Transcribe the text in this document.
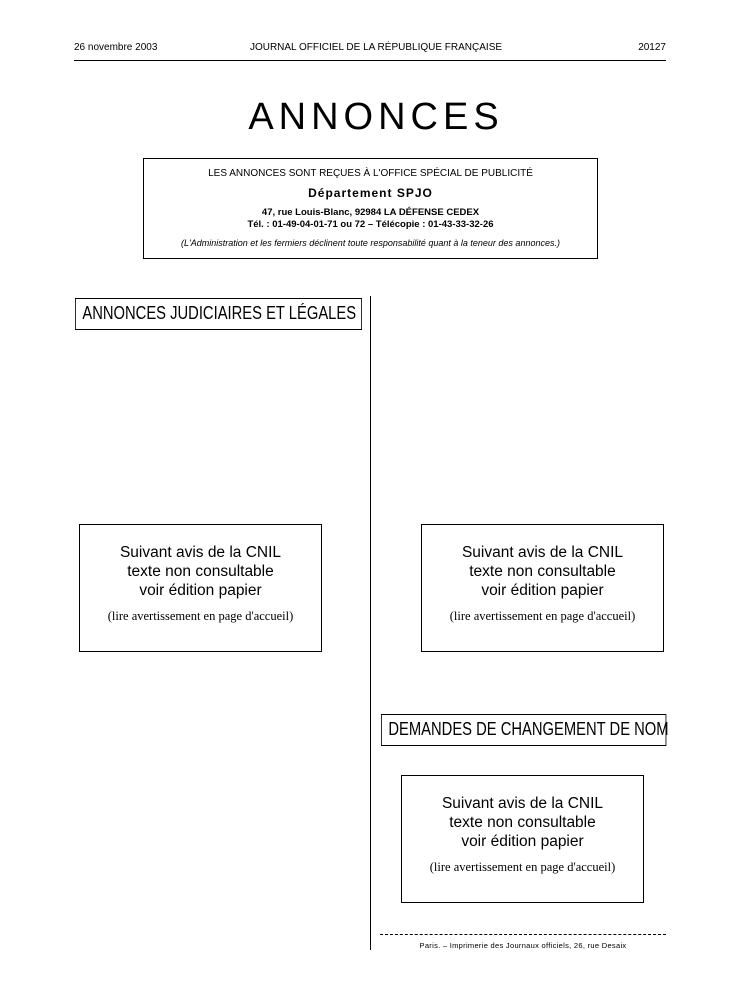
26 novembre 2003	JOURNAL OFFICIEL DE LA RÉPUBLIQUE FRANÇAISE	20127
ANNONCES
LES ANNONCES SONT REÇUES À L'OFFICE SPÉCIAL DE PUBLICITÉ
Département SPJO
47, rue Louis-Blanc, 92984 LA DÉFENSE CEDEX
Tél. : 01-49-04-01-71 ou 72 – Télécopie : 01-43-33-32-26
(L'Administration et les fermiers déclinent toute responsabilité quant à la teneur des annonces.)
ANNONCES JUDICIAIRES ET LÉGALES
Suivant avis de la CNIL
texte non consultable
voir édition papier
(lire avertissement en page d'accueil)
Suivant avis de la CNIL
texte non consultable
voir édition papier
(lire avertissement en page d'accueil)
DEMANDES DE CHANGEMENT DE NOM
Suivant avis de la CNIL
texte non consultable
voir édition papier
(lire avertissement en page d'accueil)
Paris. – Imprimerie des Journaux officiels, 26, rue Desaix
